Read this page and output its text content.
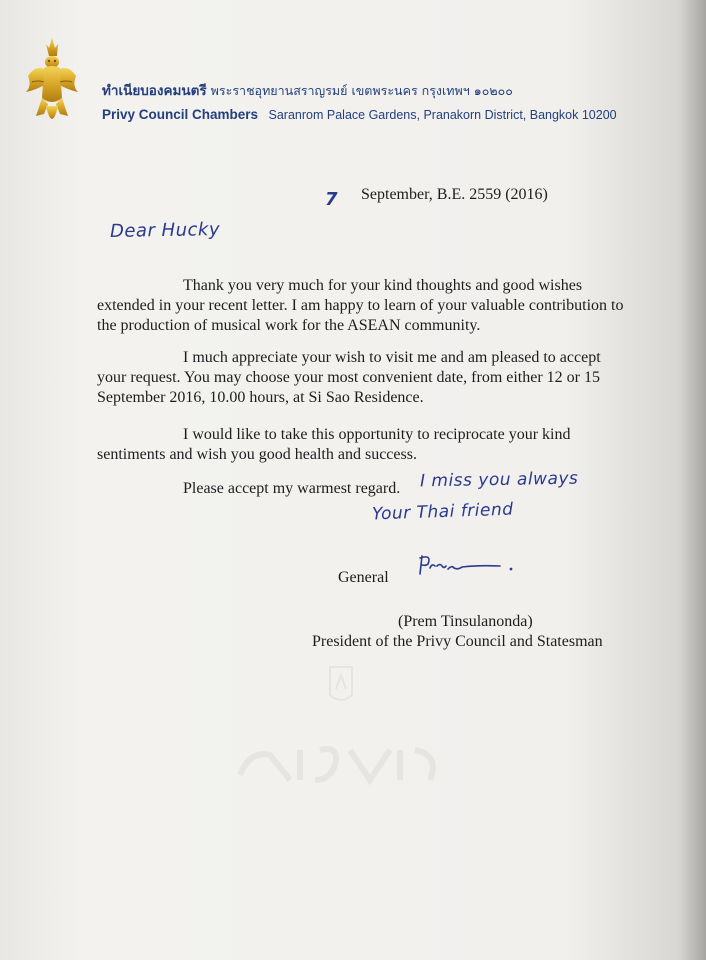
ทำเนียบองคมนตรี พระราชอุทยานสราญรมย์ เขตพระนคร กรุงเทพฯ ๑๐๒๐๐
Privy Council Chambers Saranrom Palace Gardens, Pranakorn District, Bangkok 10200
7 September, B.E. 2559 (2016)
Dear Hucky

Thank you very much for your kind thoughts and good wishes extended in your recent letter. I am happy to learn of your valuable contribution to the production of musical work for the ASEAN community.

I much appreciate your wish to visit me and am pleased to accept your request. You may choose your most convenient date, from either 12 or 15 September 2016, 10.00 hours, at Si Sao Residence.

I would like to take this opportunity to reciprocate your kind sentiments and wish you good health and success.

Please accept my warmest regard. I miss you always
Your Thai friend
General
(Prem Tinsulanonda)
President of the Privy Council and Statesman
